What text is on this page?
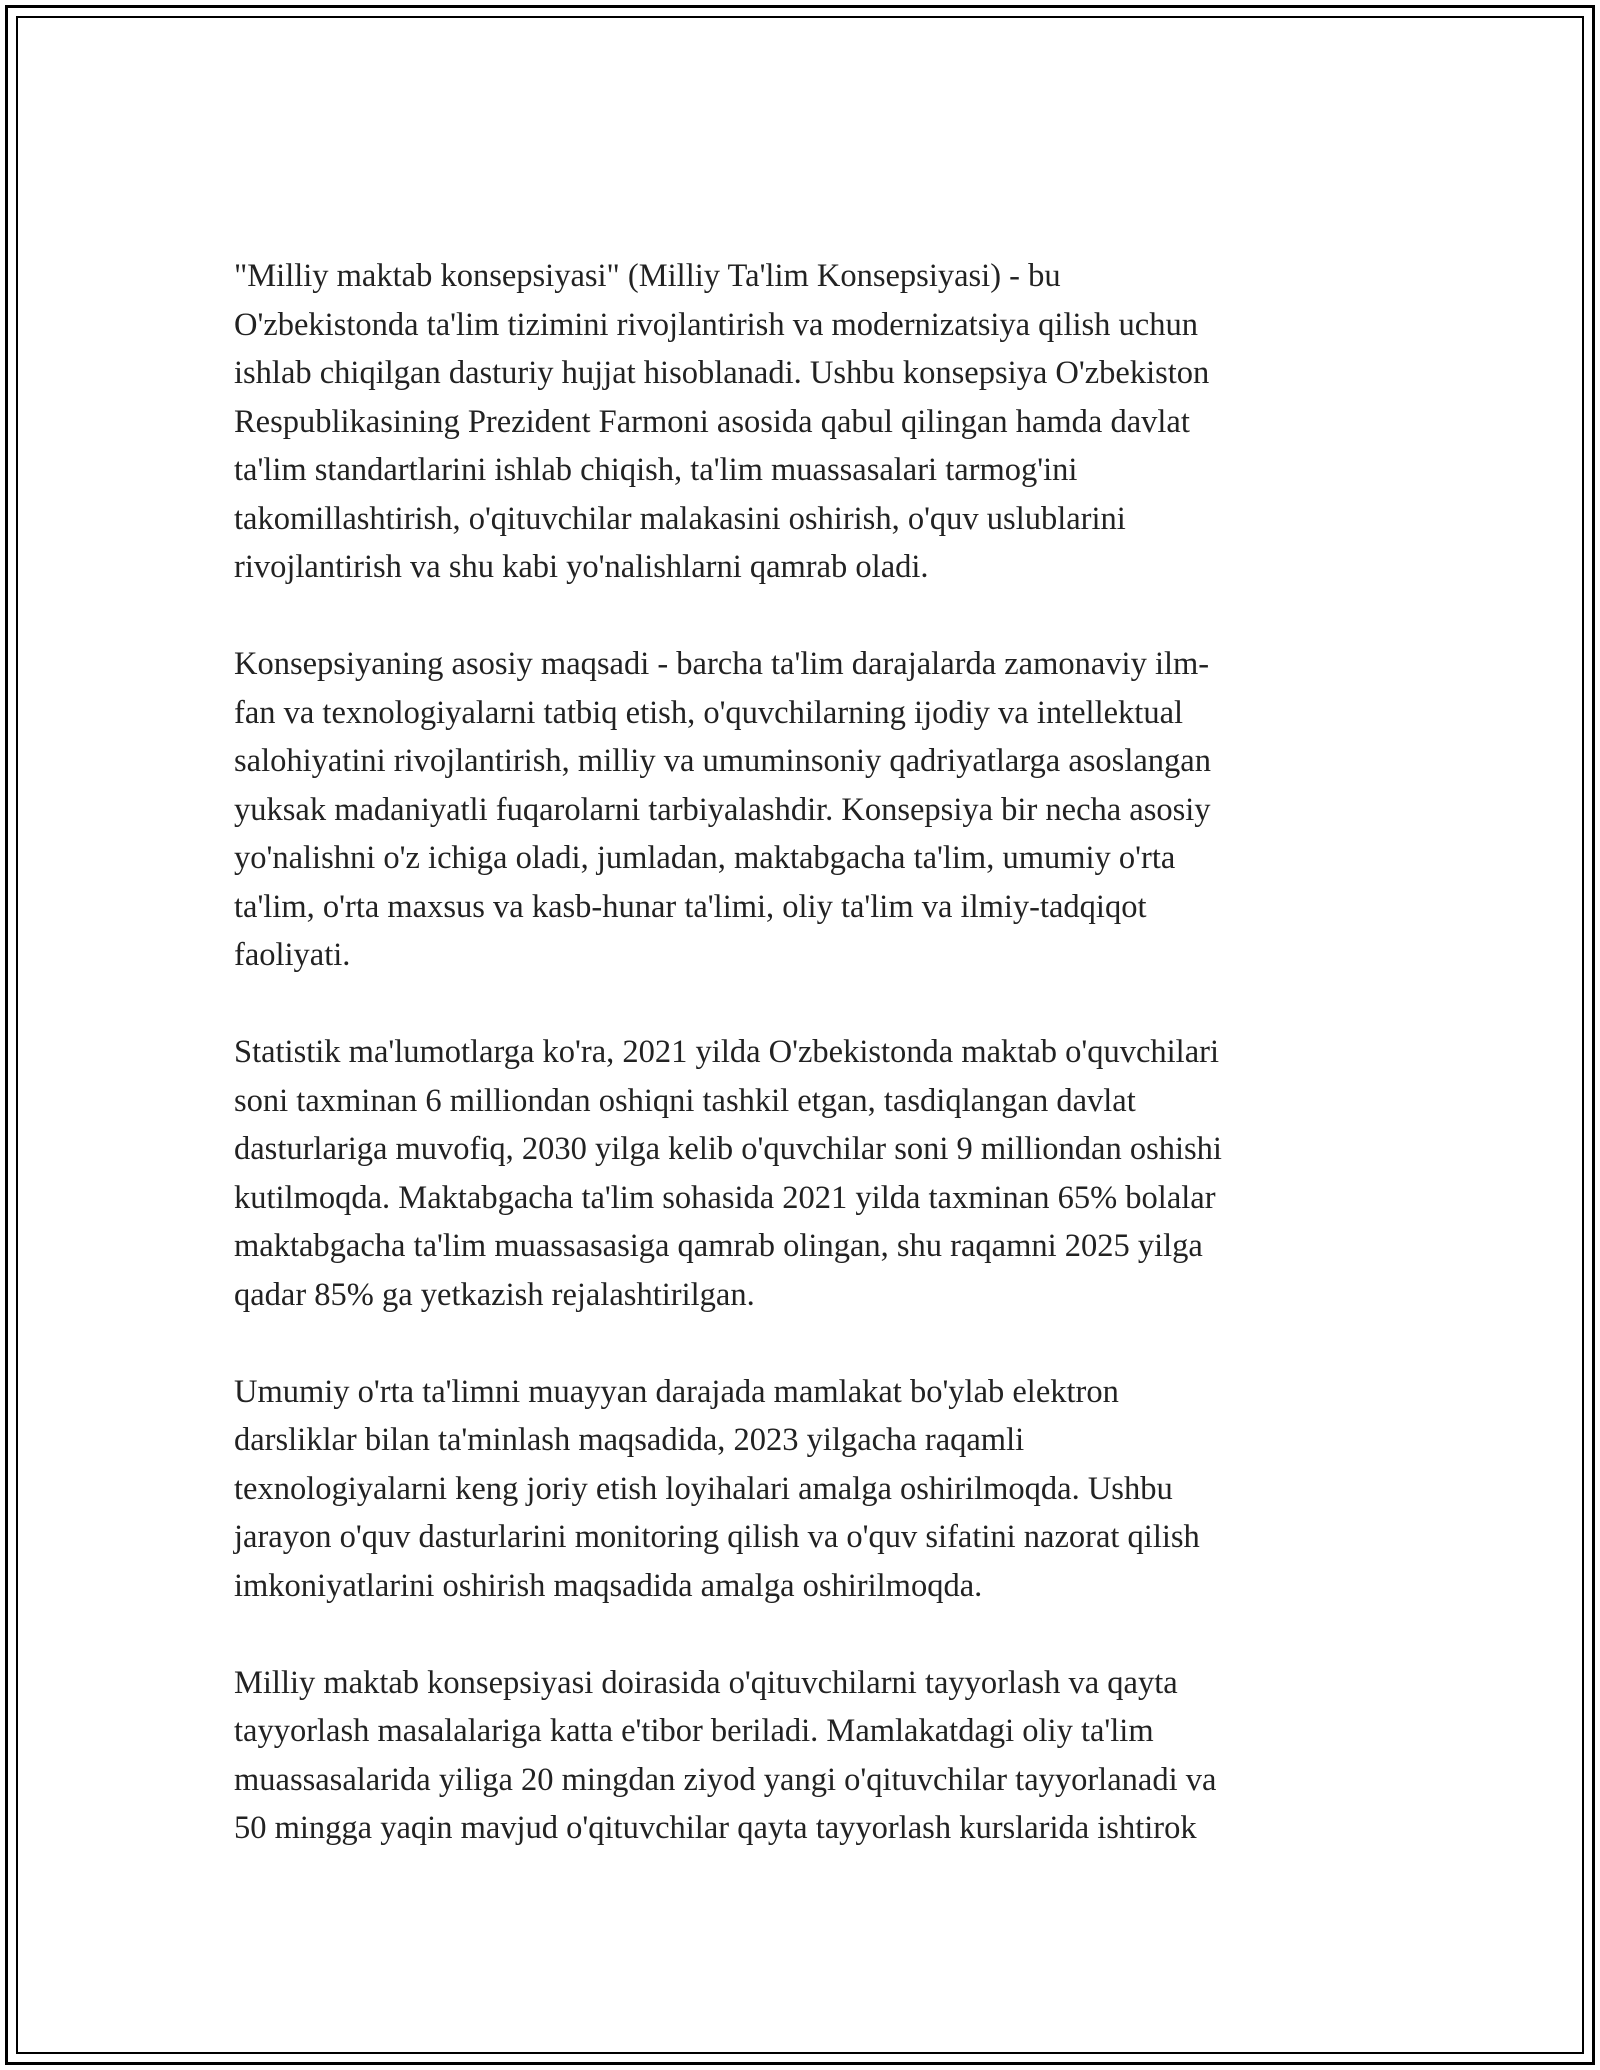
"Milliy maktab konsepsiyasi" (Milliy Ta'lim Konsepsiyasi) - bu
O'zbekistonda ta'lim tizimini rivojlantirish va modernizatsiya qilish uchun
ishlab chiqilgan dasturiy hujjat hisoblanadi. Ushbu konsepsiya O'zbekiston
Respublikasining Prezident Farmoni asosida qabul qilingan hamda davlat
ta'lim standartlarini ishlab chiqish, ta'lim muassasalari tarmog'ini
takomillashtirish, o'qituvchilar malakasini oshirish, o'quv uslublarini
rivojlantirish va shu kabi yo'nalishlarni qamrab oladi.

Konsepsiyaning asosiy maqsadi - barcha ta'lim darajalarda zamonaviy ilm-
fan va texnologiyalarni tatbiq etish, o'quvchilarning ijodiy va intellektual
salohiyatini rivojlantirish, milliy va umuminsoniy qadriyatlarga asoslangan
yuksak madaniyatli fuqarolarni tarbiyalashdir. Konsepsiya bir necha asosiy
yo'nalishni o'z ichiga oladi, jumladan, maktabgacha ta'lim, umumiy o'rta
ta'lim, o'rta maxsus va kasb-hunar ta'limi, oliy ta'lim va ilmiy-tadqiqot
faoliyati.

Statistik ma'lumotlarga ko'ra, 2021 yilda O'zbekistonda maktab o'quvchilari
soni taxminan 6 milliondan oshiqni tashkil etgan, tasdiqlangan davlat
dasturlariga muvofiq, 2030 yilga kelib o'quvchilar soni 9 milliondan oshishi
kutilmoqda. Maktabgacha ta'lim sohasida 2021 yilda taxminan 65% bolalar
maktabgacha ta'lim muassasasiga qamrab olingan, shu raqamni 2025 yilga
qadar 85% ga yetkazish rejalashtirilgan.

Umumiy o'rta ta'limni muayyan darajada mamlakat bo'ylab elektron
darsliklar bilan ta'minlash maqsadida, 2023 yilgacha raqamli
texnologiyalarni keng joriy etish loyihalari amalga oshirilmoqda. Ushbu
jarayon o'quv dasturlarini monitoring qilish va o'quv sifatini nazorat qilish
imkoniyatlarini oshirish maqsadida amalga oshirilmoqda.

Milliy maktab konsepsiyasi doirasida o'qituvchilarni tayyorlash va qayta
tayyorlash masalalariga katta e'tibor beriladi. Mamlakatdagi oliy ta'lim
muassasalarida yiliga 20 mingdan ziyod yangi o'qituvchilar tayyorlanadi va
50 mingga yaqin mavjud o'qituvchilar qayta tayyorlash kurslarida ishtirok
